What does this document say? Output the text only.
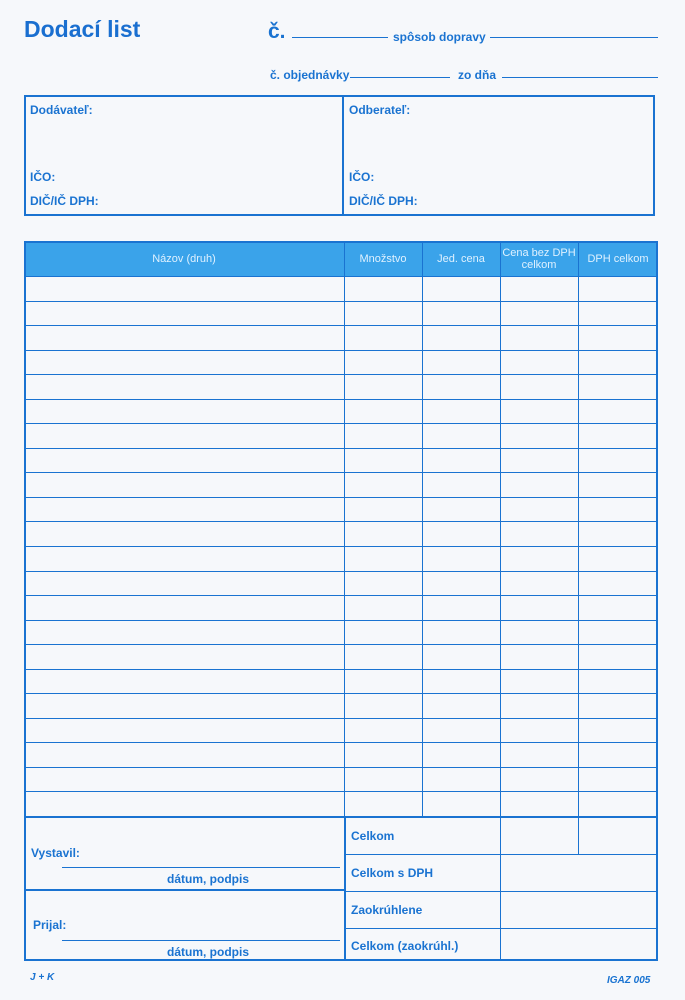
Dodací list	č.	spôsob dopravy
č. objednávky	zo dňa
Dodávateľ:
IČO:
DIČ/IČ DPH:
Odberateľ:
IČO:
DIČ/IČ DPH:
Názov (druh)	Množstvo	Jed. cena	Cena bez DPH celkom	DPH celkom
Vystavil:
dátum, podpis
Prijal:
dátum, podpis
Celkom
Celkom s DPH
Zaokrúhlene
Celkom (zaokrúhl.)
J + K	IGAZ 005
